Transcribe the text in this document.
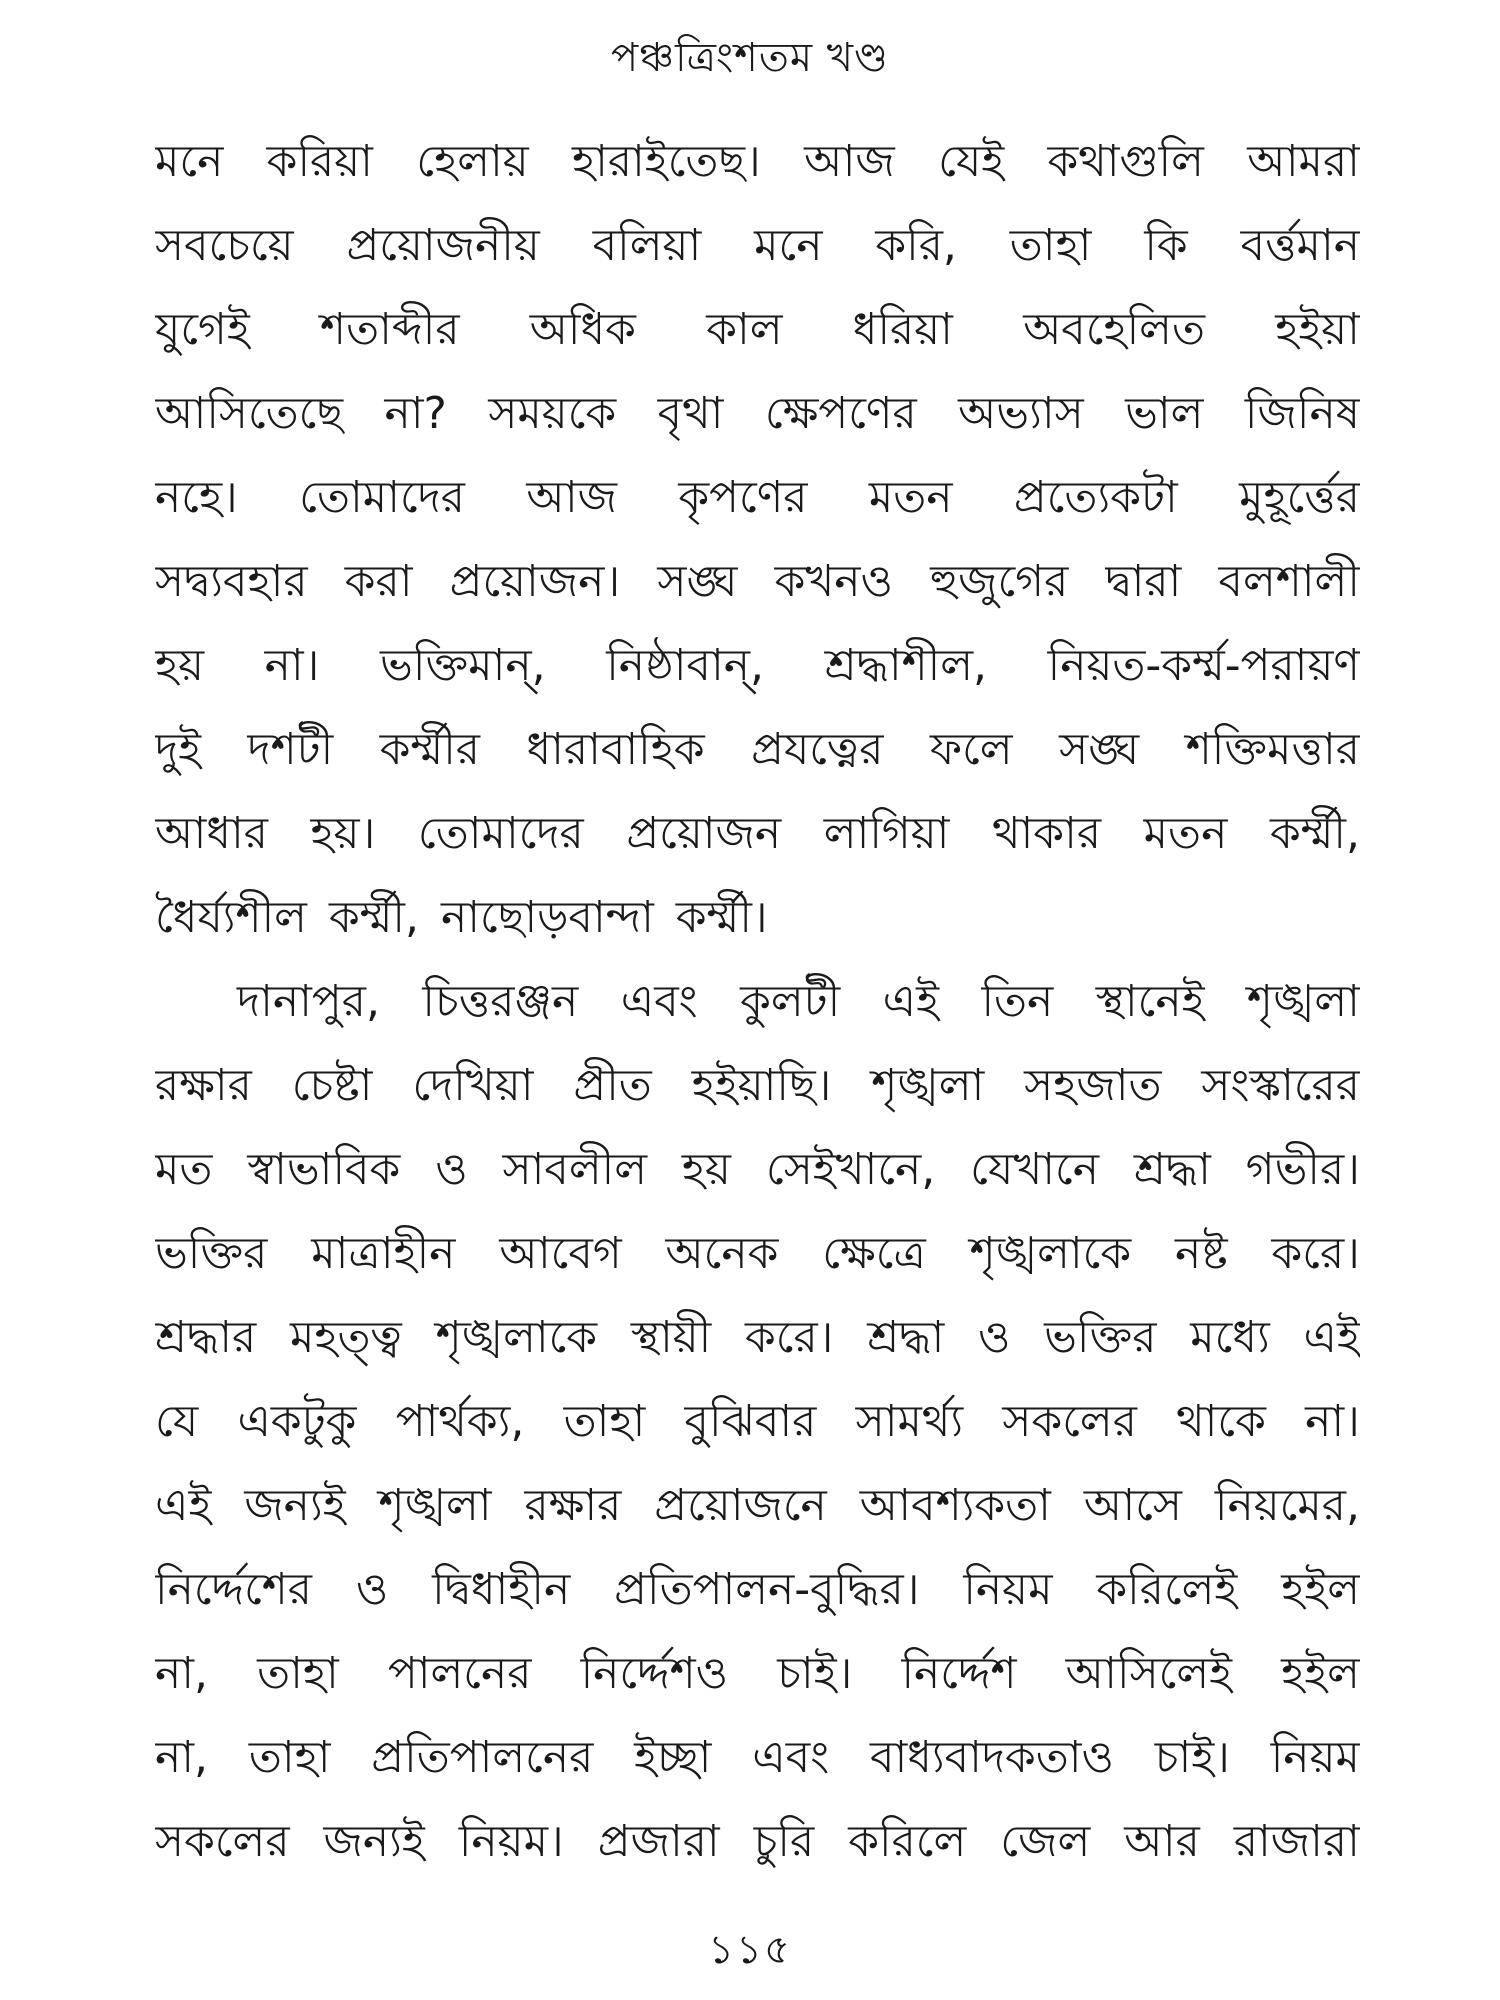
পঞ্চত্রিংশতম খণ্ড
মনে করিয়া হেলায় হারাইতেছ। আজ যেই কথাগুলি আমরা
সবচেয়ে প্রয়োজনীয় বলিয়া মনে করি, তাহা কি বর্ত্তমান
যুগেই শতাব্দীর অধিক কাল ধরিয়া অবহেলিত হইয়া
আসিতেছে না? সময়কে বৃথা ক্ষেপণের অভ্যাস ভাল জিনিষ
নহে। তোমাদের আজ কৃপণের মতন প্রত্যেকটা মুহূর্ত্তের
সদ্ব্যবহার করা প্রয়োজন। সঙ্ঘ কখনও হুজুগের দ্বারা বলশালী
হয় না। ভক্তিমান্, নিষ্ঠাবান্, শ্রদ্ধাশীল, নিয়ত-কর্ম্ম-পরায়ণ
দুই দশটী কর্ম্মীর ধারাবাহিক প্রযত্নের ফলে সঙ্ঘ শক্তিমত্তার
আধার হয়। তোমাদের প্রয়োজন লাগিয়া থাকার মতন কর্ম্মী,
ধৈর্য্যশীল কর্ম্মী, নাছোড়বান্দা কর্ম্মী।
দানাপুর, চিত্তরঞ্জন এবং কুলটী এই তিন স্থানেই শৃঙ্খলা
রক্ষার চেষ্টা দেখিয়া প্রীত হইয়াছি। শৃঙ্খলা সহজাত সংস্কারের
মত স্বাভাবিক ও সাবলীল হয় সেইখানে, যেখানে শ্রদ্ধা গভীর।
ভক্তির মাত্রাহীন আবেগ অনেক ক্ষেত্রে শৃঙ্খলাকে নষ্ট করে।
শ্রদ্ধার মহত্ত্ব শৃঙ্খলাকে স্থায়ী করে। শ্রদ্ধা ও ভক্তির মধ্যে এই
যে একটুকু পার্থক্য, তাহা বুঝিবার সামর্থ্য সকলের থাকে না।
এই জন্যই শৃঙ্খলা রক্ষার প্রয়োজনে আবশ্যকতা আসে নিয়মের,
নির্দ্দেশের ও দ্বিধাহীন প্রতিপালন-বুদ্ধির। নিয়ম করিলেই হইল
না, তাহা পালনের নির্দ্দেশও চাই। নির্দ্দেশ আসিলেই হইল
না, তাহা প্রতিপালনের ইচ্ছা এবং বাধ্যবাদকতাও চাই। নিয়ম
সকলের জন্যই নিয়ম। প্রজারা চুরি করিলে জেল আর রাজারা
১১৫
